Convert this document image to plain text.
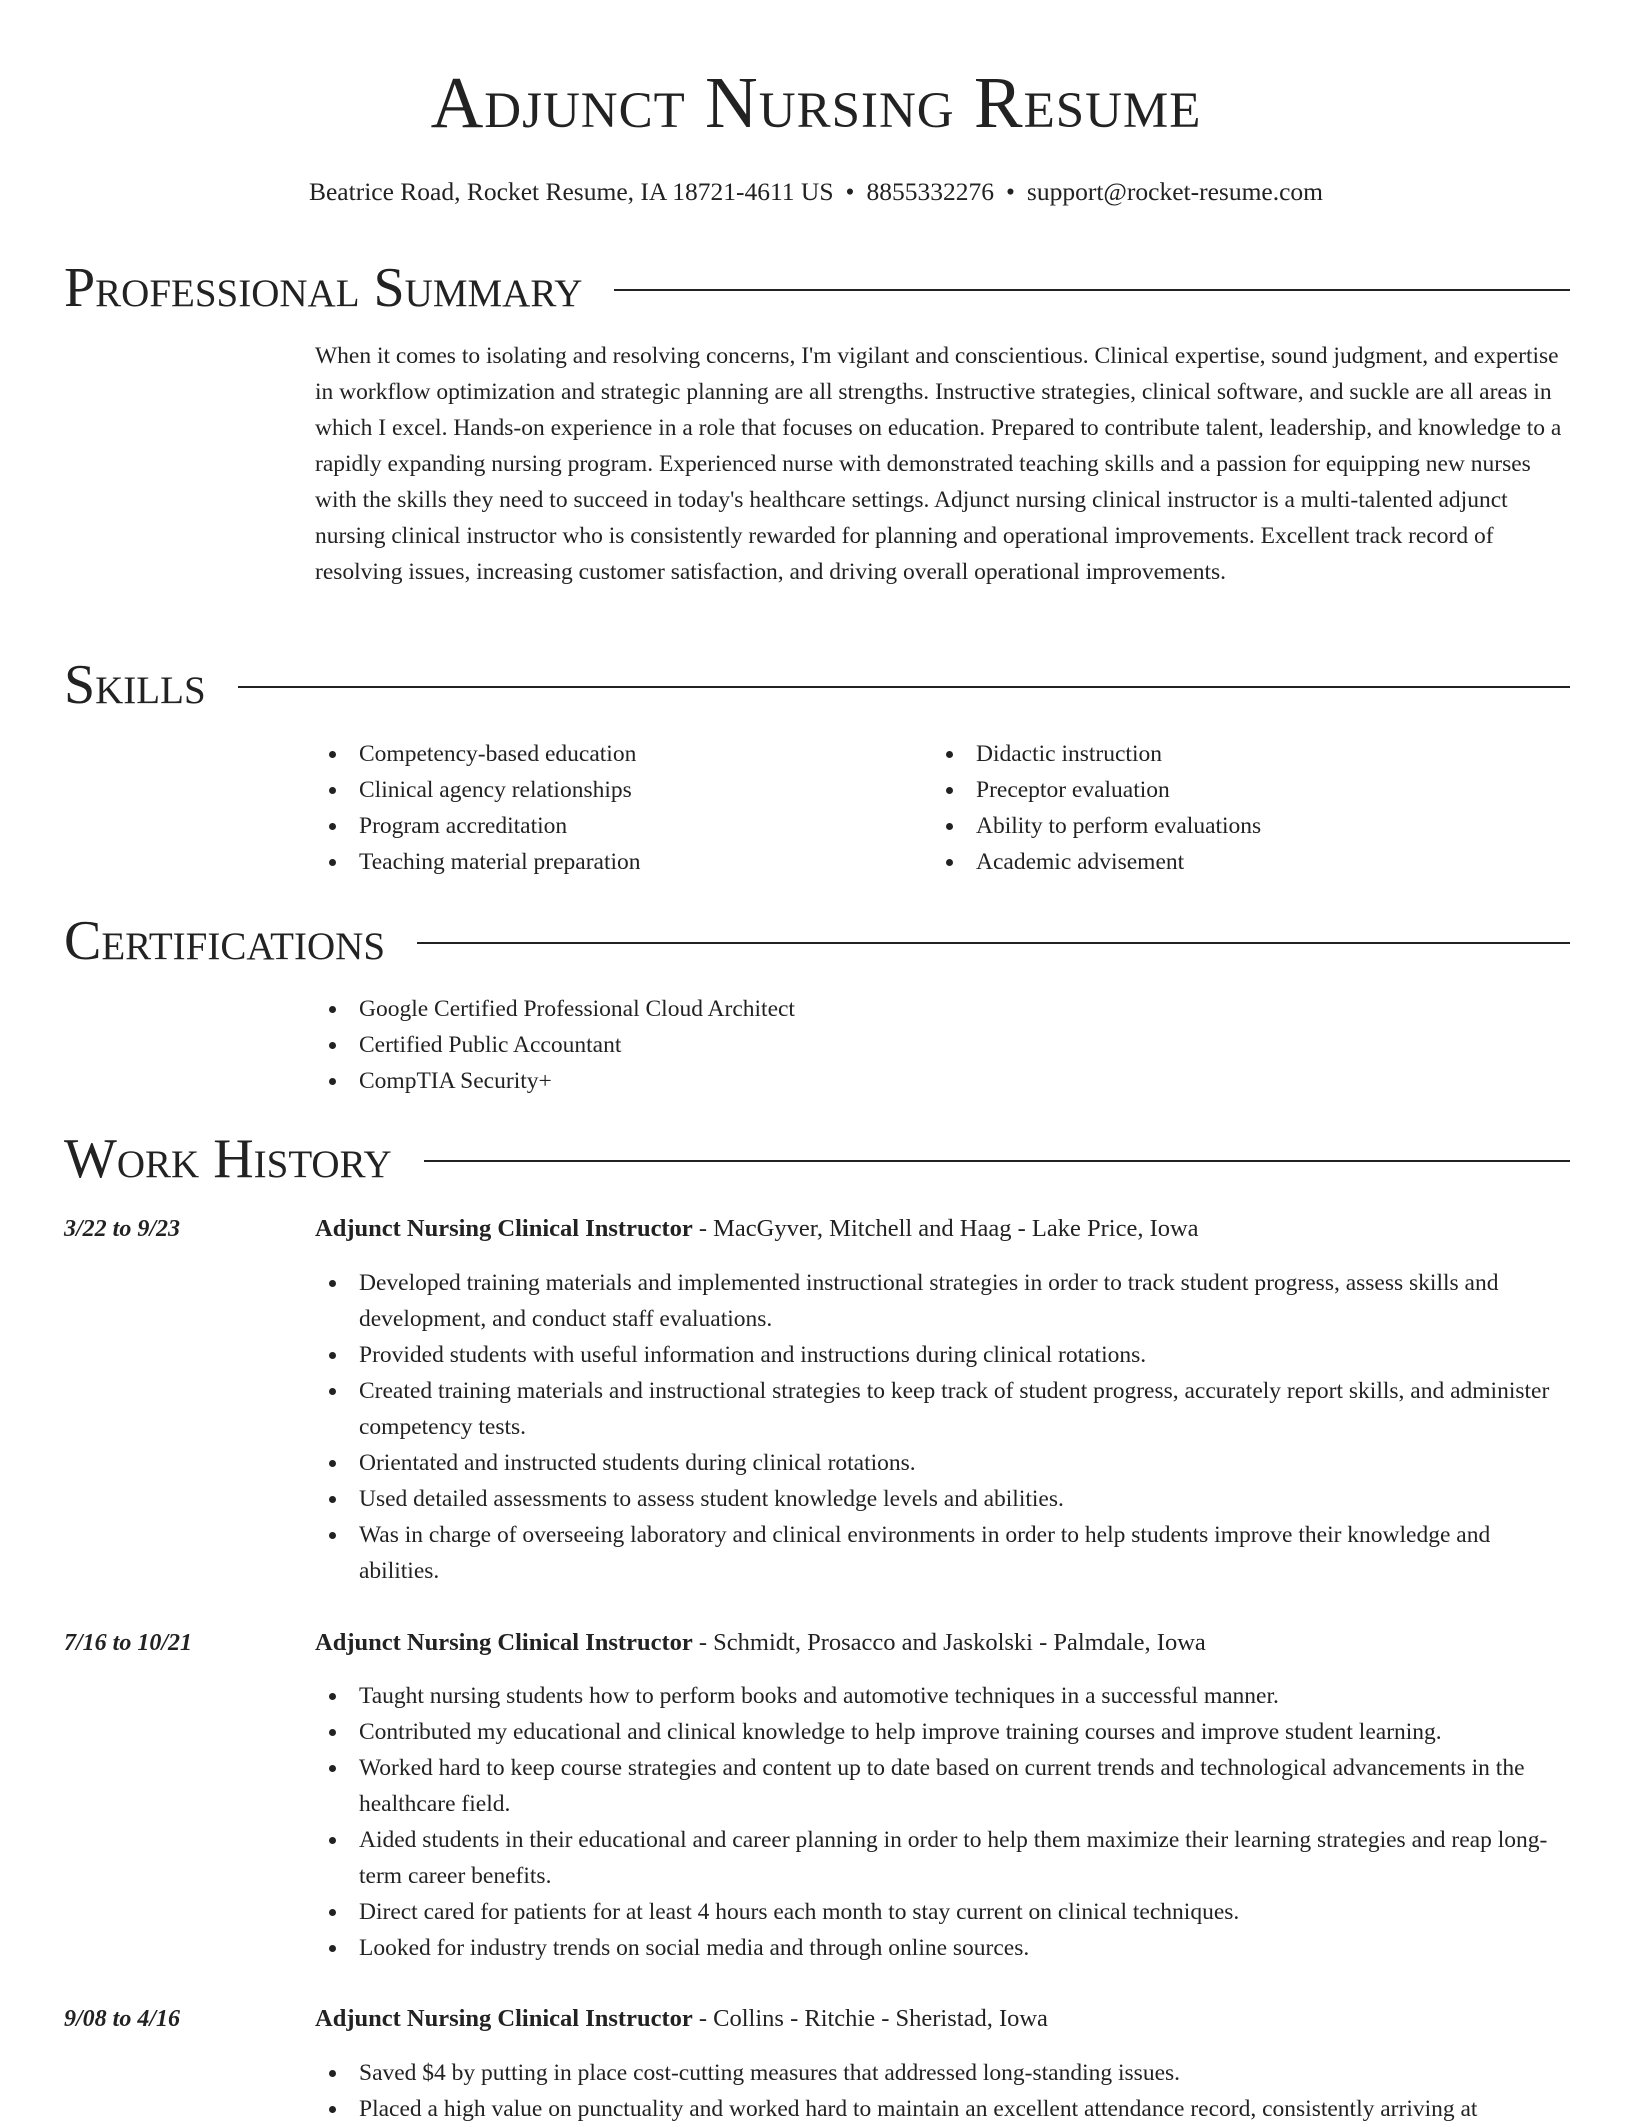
Adjunct Nursing Resume
Beatrice Road, Rocket Resume, IA 18721-4611 US • 8855332276 • support@rocket-resume.com
Professional Summary

When it comes to isolating and resolving concerns, I'm vigilant and conscientious. Clinical expertise, sound judgment, and expertise in workflow optimization and strategic planning are all strengths. Instructive strategies, clinical software, and suckle are all areas in which I excel. Hands-on experience in a role that focuses on education. Prepared to contribute talent, leadership, and knowledge to a rapidly expanding nursing program. Experienced nurse with demonstrated teaching skills and a passion for equipping new nurses with the skills they need to succeed in today's healthcare settings. Adjunct nursing clinical instructor is a multi-talented adjunct nursing clinical instructor who is consistently rewarded for planning and operational improvements. Excellent track record of resolving issues, increasing customer satisfaction, and driving overall operational improvements.

Skills
Competency-based education
Clinical agency relationships
Program accreditation
Teaching material preparation
Didactic instruction
Preceptor evaluation
Ability to perform evaluations
Academic advisement
Certifications
Google Certified Professional Cloud Architect
Certified Public Accountant
CompTIA Security+
Work History
3/22 to 9/23	Adjunct Nursing Clinical Instructor - MacGyver, Mitchell and Haag - Lake Price, Iowa
Developed training materials and implemented instructional strategies in order to track student progress, assess skills and development, and conduct staff evaluations.
Provided students with useful information and instructions during clinical rotations.
Created training materials and instructional strategies to keep track of student progress, accurately report skills, and administer competency tests.
Orientated and instructed students during clinical rotations.
Used detailed assessments to assess student knowledge levels and abilities.
Was in charge of overseeing laboratory and clinical environments in order to help students improve their knowledge and abilities.
7/16 to 10/21	Adjunct Nursing Clinical Instructor - Schmidt, Prosacco and Jaskolski - Palmdale, Iowa
Taught nursing students how to perform books and automotive techniques in a successful manner.
Contributed my educational and clinical knowledge to help improve training courses and improve student learning.
Worked hard to keep course strategies and content up to date based on current trends and technological advancements in the healthcare field.
Aided students in their educational and career planning in order to help them maximize their learning strategies and reap long-term career benefits.
Direct cared for patients for at least 4 hours each month to stay current on clinical techniques.
Looked for industry trends on social media and through online sources.
9/08 to 4/16	Adjunct Nursing Clinical Instructor - Collins - Ritchie - Sheristad, Iowa
Saved $4 by putting in place cost-cutting measures that addressed long-standing issues.
Placed a high value on punctuality and worked hard to maintain an excellent attendance record, consistently arriving at
